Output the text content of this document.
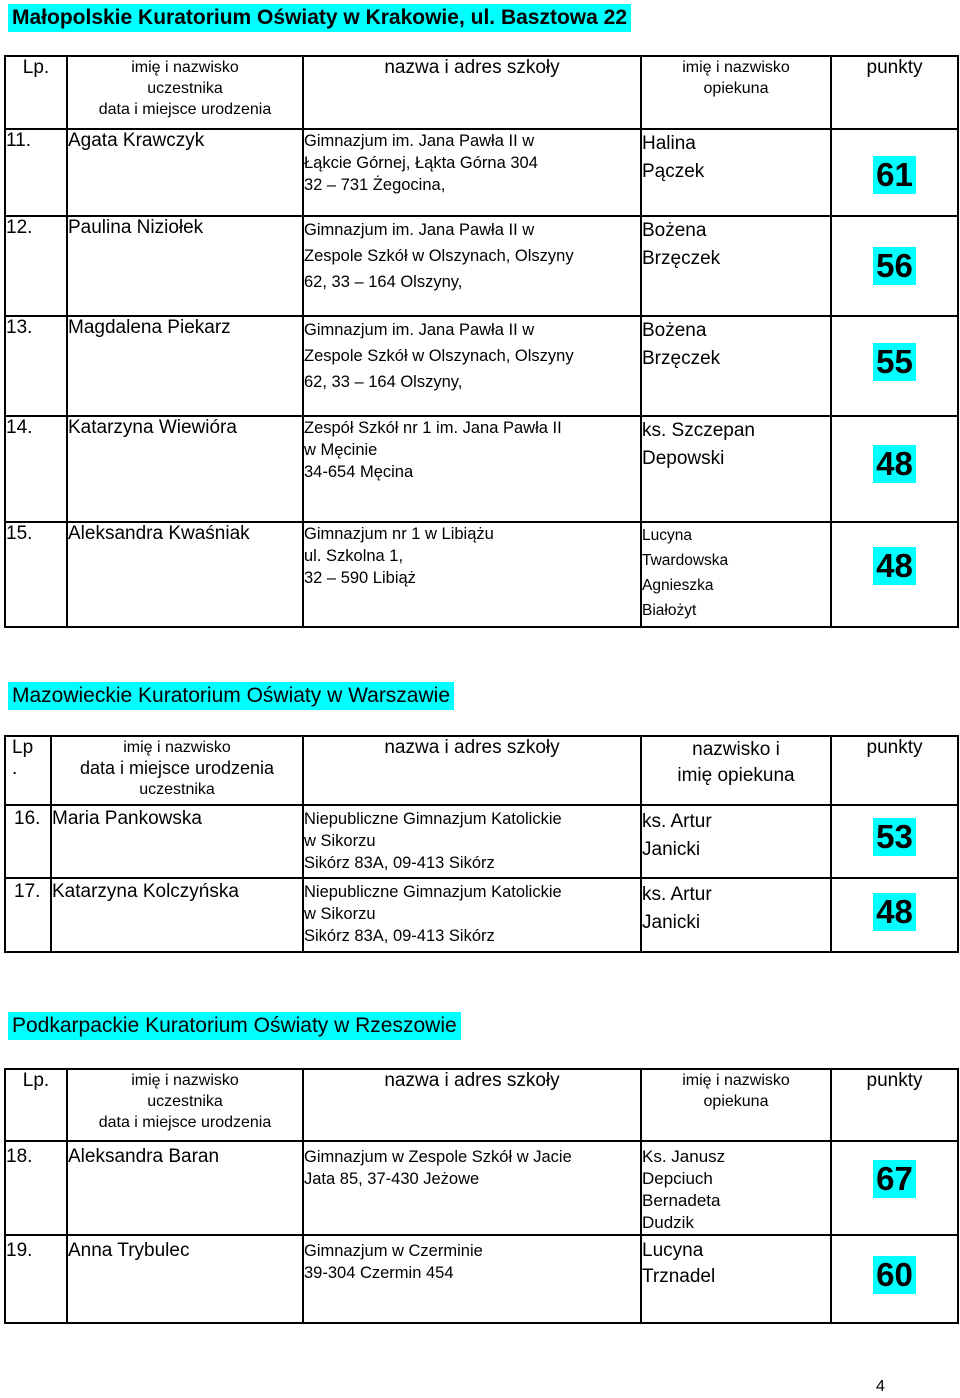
Małopolskie Kuratorium Oświaty w Krakowie, ul. Basztowa 22
Lp.	imię i nazwisko
uczestnika
data i miejsce urodzenia	nazwa i adres szkoły	imię i nazwisko
opiekuna	punkty
11.	Agata Krawczyk	Gimnazjum im. Jana Pawła II w
Łąkcie Górnej, Łąkta Górna 304
32 – 731 Żegocina,	Halina
Pączek	61
12.	Paulina Niziołek	Gimnazjum im. Jana Pawła II w
Zespole Szkół w Olszynach, Olszyny
62, 33 – 164 Olszyny,	Bożena
Brzęczek	56
13.	Magdalena Piekarz	Gimnazjum im. Jana Pawła II w
Zespole Szkół w Olszynach, Olszyny
62, 33 – 164 Olszyny,	Bożena
Brzęczek	55
14.	Katarzyna Wiewióra	Zespół Szkół nr 1 im. Jana Pawła II
w Męcinie
34-654 Męcina	ks. Szczepan
Depowski	48
15.	Aleksandra Kwaśniak	Gimnazjum nr 1 w Libiążu
ul. Szkolna 1,
32 – 590 Libiąż	Lucyna
Twardowska
Agnieszka
Białożyt	48
Mazowieckie Kuratorium Oświaty w Warszawie
Lp
.	imię i nazwisko
data i miejsce urodzenia
uczestnika	nazwa i adres szkoły	nazwisko i
imię opiekuna	punkty
16.	Maria Pankowska	Niepubliczne Gimnazjum Katolickie
w Sikorzu
Sikórz 83A, 09-413 Sikórz	ks. Artur
Janicki	53
17.	Katarzyna Kolczyńska	Niepubliczne Gimnazjum Katolickie
w Sikorzu
Sikórz 83A, 09-413 Sikórz	ks. Artur
Janicki	48
Podkarpackie Kuratorium Oświaty w Rzeszowie
Lp.	imię i nazwisko
uczestnika
data i miejsce urodzenia	nazwa i adres szkoły	imię i nazwisko
opiekuna	punkty
18.	Aleksandra Baran	Gimnazjum w Zespole Szkół w Jacie
Jata 85, 37-430 Jeżowe	Ks. Janusz
Depciuch
Bernadeta
Dudzik	67
19.	Anna Trybulec	Gimnazjum w Czerminie
39-304 Czermin 454	Lucyna
Trznadel	60
4
